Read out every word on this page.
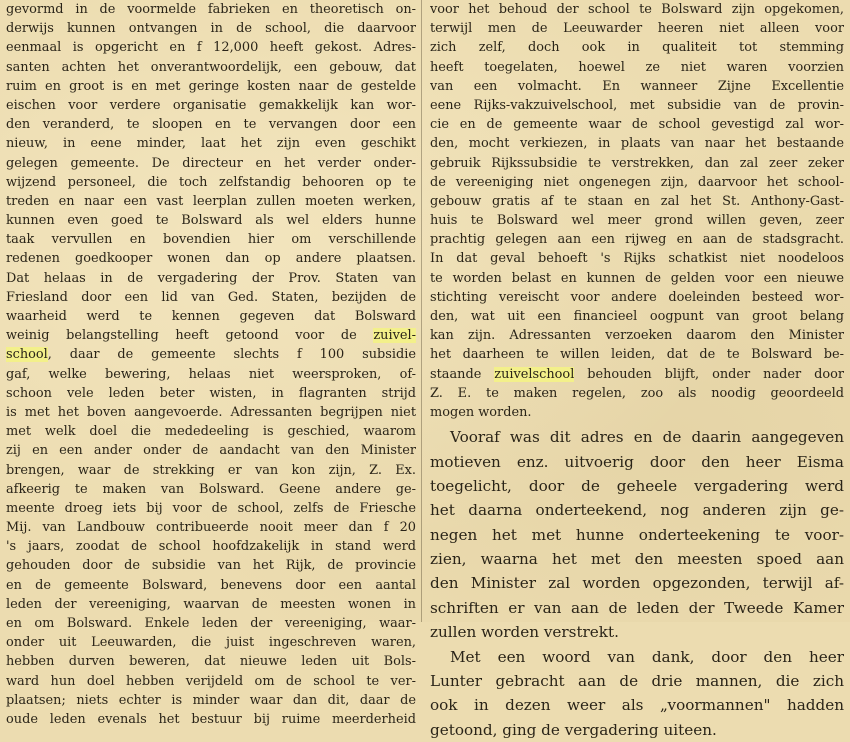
gevormd in de voormelde fabrieken en theoretisch on-
derwijs kunnen ontvangen in de school, die daarvoor
eenmaal is opgericht en f 12,000 heeft gekost. Adres-
santen achten het onverantwoordelijk, een gebouw, dat
ruim en groot is en met geringe kosten naar de gestelde
eischen voor verdere organisatie gemakkelijk kan wor-
den veranderd, te sloopen en te vervangen door een
nieuw, in eene minder, laat het zijn even geschikt
gelegen gemeente. De directeur en het verder onder-
wijzend personeel, die toch zelfstandig behooren op te
treden en naar een vast leerplan zullen moeten werken,
kunnen even goed te Bolsward als wel elders hunne
taak vervullen en bovendien hier om verschillende
redenen goedkooper wonen dan op andere plaatsen.
Dat helaas in de vergadering der Prov. Staten van
Friesland door een lid van Ged. Staten, bezijden de
waarheid werd te kennen gegeven dat Bolsward
weinig belangstelling heeft getoond voor de zuivel-
school, daar de gemeente slechts f 100 subsidie
gaf, welke bewering, helaas niet weersproken, of-
schoon vele leden beter wisten, in flagranten strijd
is met het boven aangevoerde. Adressanten begrijpen niet
met welk doel die mededeeling is geschied, waarom
zij en een ander onder de aandacht van den Minister
brengen, waar de strekking er van kon zijn, Z. Ex.
afkeerig te maken van Bolsward. Geene andere ge-
meente droeg iets bij voor de school, zelfs de Friesche
Mij. van Landbouw contribueerde nooit meer dan f 20
's jaars, zoodat de school hoofdzakelijk in stand werd
gehouden door de subsidie van het Rijk, de provincie
en de gemeente Bolsward, benevens door een aantal
leden der vereeniging, waarvan de meesten wonen in
en om Bolsward. Enkele leden der vereeniging, waar-
onder uit Leeuwarden, die juist ingeschreven waren,
hebben durven beweren, dat nieuwe leden uit Bols-
ward hun doel hebben verijdeld om de school te ver-
plaatsen; niets echter is minder waar dan dit, daar de
oude leden evenals het bestuur bij ruime meerderheid
voor het behoud der school te Bolsward zijn opgekomen,
terwijl men de Leeuwarder heeren niet alleen voor
zich zelf, doch ook in qualiteit tot stemming
heeft toegelaten, hoewel ze niet waren voorzien
van een volmacht. En wanneer Zijne Excellentie
eene Rijks-vakzuivelschool, met subsidie van de provin-
cie en de gemeente waar de school gevestigd zal wor-
den, mocht verkiezen, in plaats van naar het bestaande
gebruik Rijkssubsidie te verstrekken, dan zal zeer zeker
de vereeniging niet ongenegen zijn, daarvoor het school-
gebouw gratis af te staan en zal het St. Anthony-Gast-
huis te Bolsward wel meer grond willen geven, zeer
prachtig gelegen aan een rijweg en aan de stadsgracht.
In dat geval behoeft 's Rijks schatkist niet noodeloos
te worden belast en kunnen de gelden voor een nieuwe
stichting vereischt voor andere doeleinden besteed wor-
den, wat uit een financieel oogpunt van groot belang
kan zijn. Adressanten verzoeken daarom den Minister
het daarheen te willen leiden, dat de te Bolsward be-
staande zuivelschool behouden blijft, onder nader door
Z. E. te maken regelen, zoo als noodig geoordeeld
mogen worden.
Vooraf was dit adres en de daarin aangegeven
motieven enz. uitvoerig door den heer Eisma
toegelicht, door de geheele vergadering werd
het daarna onderteekend, nog anderen zijn ge-
negen het met hunne onderteekening te voor-
zien, waarna het met den meesten spoed aan
den Minister zal worden opgezonden, terwijl af-
schriften er van aan de leden der Tweede Kamer
zullen worden verstrekt.
Met een woord van dank, door den heer
Lunter gebracht aan de drie mannen, die zich
ook in dezen weer als „voormannen" hadden
getoond, ging de vergadering uiteen.
